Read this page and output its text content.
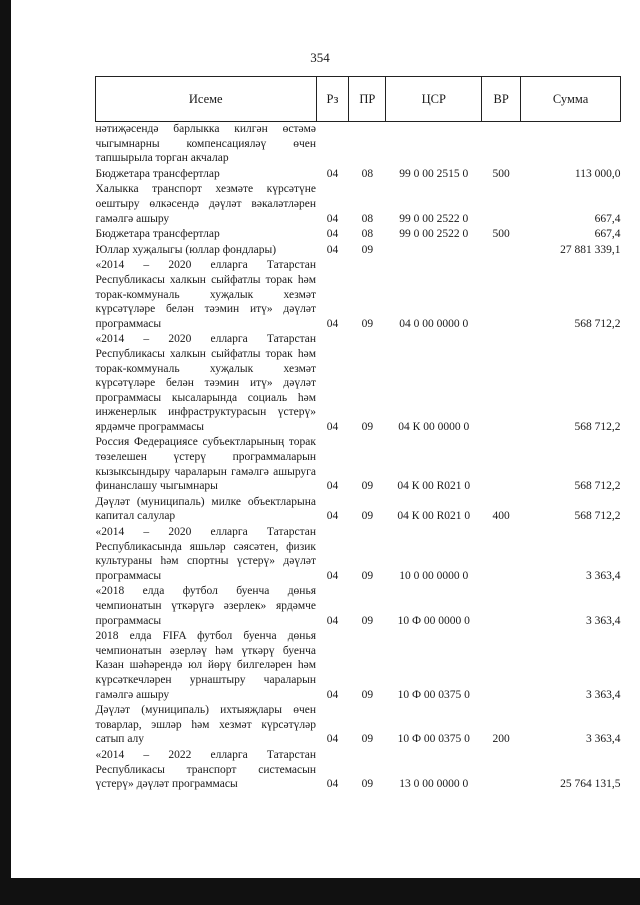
354
Исеме	Рз	ПР	ЦСР	ВР	Сумма
нәтиҗәсендә барлыкка килгән өстәмә чыгымнарны компенсацияләү өчен тапшырыла торган акчалар					
Бюджетара трансфертлар	04	08	99 0 00 2515 0	500	113 000,0
Халыкка транспорт хезмәте күрсәтүне оештыру өлкәсендә дәүләт вәкаләтләрен гамәлгә ашыру	04	08	99 0 00 2522 0		667,4
Бюджетара трансфертлар	04	08	99 0 00 2522 0	500	667,4
Юллар хуҗалыгы (юллар фондлары)	04	09			27 881 339,1
«2014 – 2020 елларга Татарстан Республикасы халкын сыйфатлы торак һәм торак-коммуналь хуҗалык хезмәт күрсәтүләре белән тәэмин итү» дәүләт программасы	04	09	04 0 00 0000 0		568 712,2
«2014 – 2020 елларга Татарстан Республикасы халкын сыйфатлы торак һәм торак-коммуналь хуҗалык хезмәт күрсәтүләре белән тәэмин итү» дәүләт программасы кысаларында социаль һәм инженерлык инфраструктурасын үстерү» ярдәмче программасы	04	09	04 К 00 0000 0		568 712,2
Россия Федерациясе субъектларының торак төзелешен үстерү программаларын кызыксындыру чараларын гамәлгә ашыруга финанслашу чыгымнары	04	09	04 К 00 R021 0		568 712,2
Дәүләт (муниципаль) милке объектларына капитал салулар	04	09	04 К 00 R021 0	400	568 712,2
«2014 – 2020 елларга Татарстан Республикасында яшьләр сәясәтен, физик культураны һәм спортны үстерү» дәүләт программасы	04	09	10 0 00 0000 0		3 363,4
«2018 елда футбол буенча дөнья чемпионатын үткәрүгә әзерлек» ярдәмче программасы	04	09	10 Ф 00 0000 0		3 363,4
2018 елда FIFA футбол буенча дөнья чемпионатын әзерләү һәм үткәрү буенча Казан шәһәрендә юл йөрү билгеләрен һәм күрсәткечләрен урнаштыру чараларын гамәлгә ашыру	04	09	10 Ф 00 0375 0		3 363,4
Дәүләт (муниципаль) ихтыяҗлары өчен товарлар, эшләр һәм хезмәт күрсәтүләр сатып алу	04	09	10 Ф 00 0375 0	200	3 363,4
«2014 – 2022 елларга Татарстан Республикасы транспорт системасын үстерү» дәүләт программасы	04	09	13 0 00 0000 0		25 764 131,5
